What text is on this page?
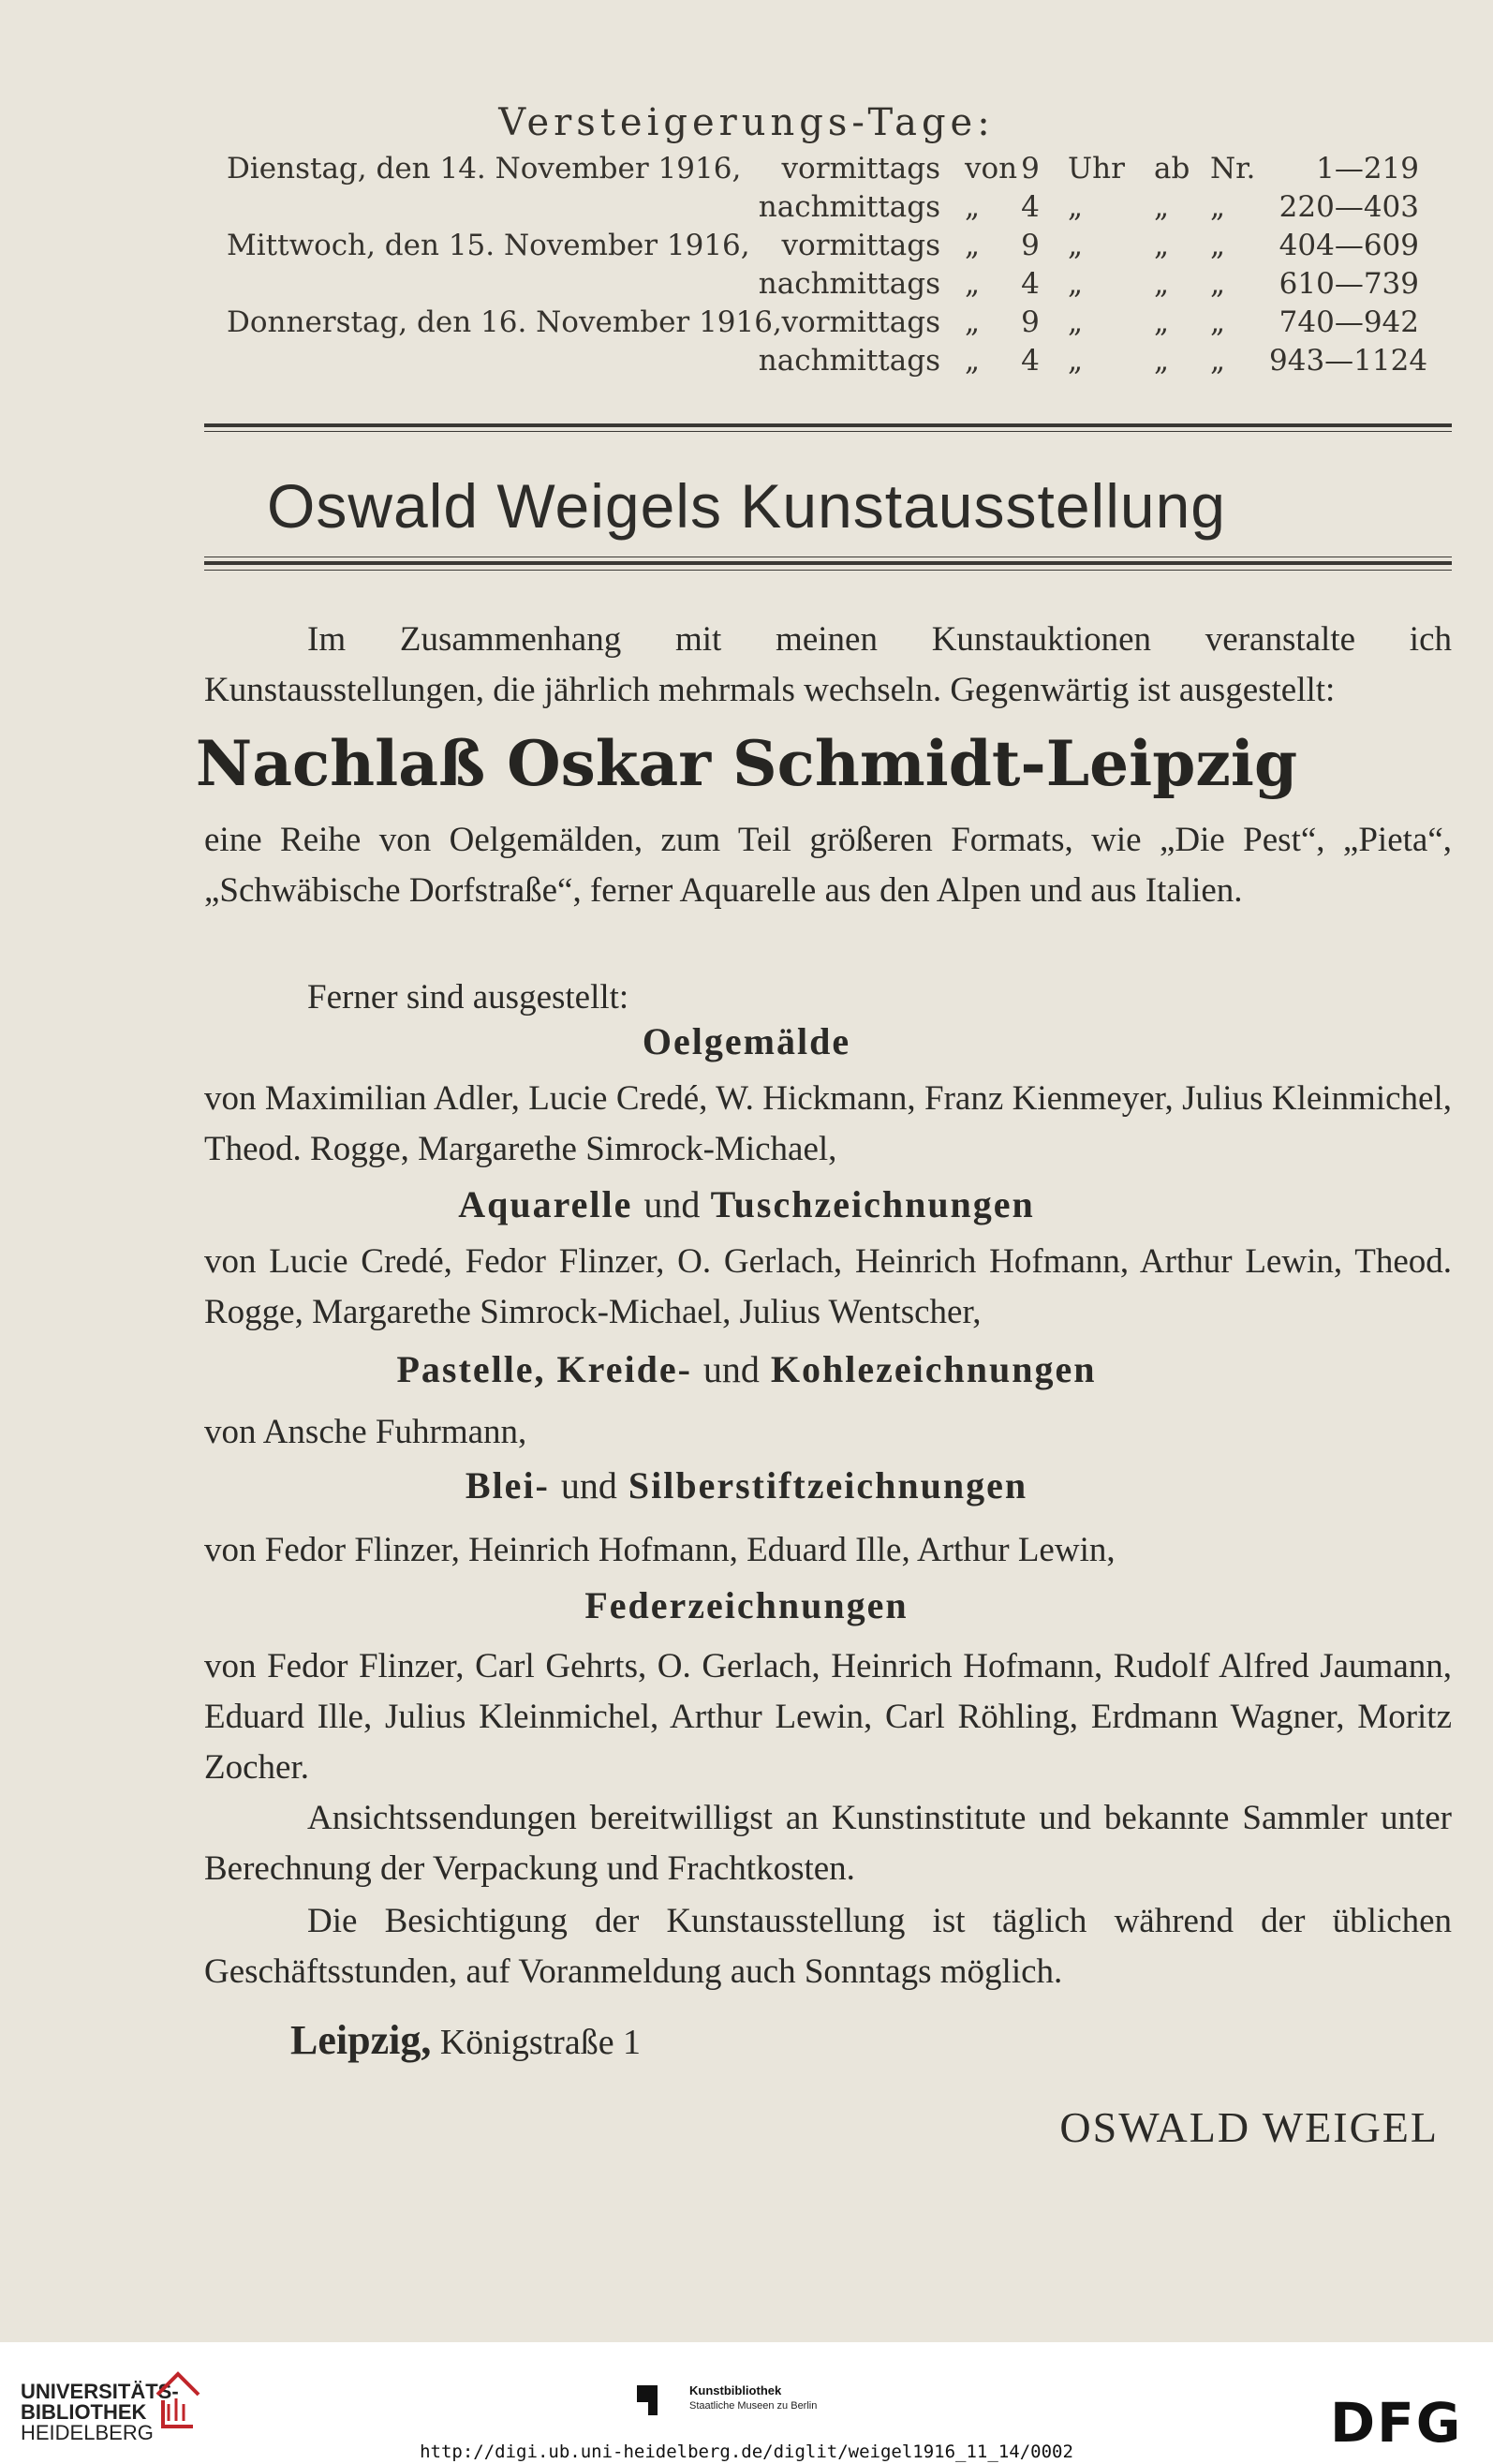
Versteigerungs-Tage:
Dienstag, den 14. November 1916, vormittags von 9 Uhr ab Nr.	1—219
nachmittags „ 4 „ „ „	220—403
Mittwoch, den 15. November 1916, vormittags „ 9 „ „ „	404—609
nachmittags „ 4 „ „ „	610—739
Donnerstag, den 16. November 1916, vormittags „ 9 „ „ „	740—942
nachmittags „ 4 „ „ „ 943—1124
Oswald Weigels Kunstausstellung
Im Zusammenhang mit meinen Kunstauktionen veranstalte ich Kunstausstellungen, die jährlich mehrmals wechseln. Gegenwärtig ist ausgestellt:
Nachlaß Oskar Schmidt-Leipzig
eine Reihe von Oelgemälden, zum Teil größeren Formats, wie „Die Pest“, „Pieta“, „Schwäbische Dorfstraße“, ferner Aquarelle aus den Alpen und aus Italien.
Ferner sind ausgestellt:
Oelgemälde
von Maximilian Adler, Lucie Credé, W. Hickmann, Franz Kienmeyer, Julius Kleinmichel, Theod. Rogge, Margarethe Simrock-Michael,
Aquarelle und Tuschzeichnungen
von Lucie Credé, Fedor Flinzer, O. Gerlach, Heinrich Hofmann, Arthur Lewin, Theod. Rogge, Margarethe Simrock-Michael, Julius Wentscher,
Pastelle, Kreide- und Kohlezeichnungen
von Ansche Fuhrmann,
Blei- und Silberstiftzeichnungen
von Fedor Flinzer, Heinrich Hofmann, Eduard Ille, Arthur Lewin,
Federzeichnungen
von Fedor Flinzer, Carl Gehrts, O. Gerlach, Heinrich Hofmann, Rudolf Alfred Jaumann, Eduard Ille, Julius Kleinmichel, Arthur Lewin, Carl Röhling, Erdmann Wagner, Moritz Zocher.
Ansichtssendungen bereitwilligst an Kunstinstitute und bekannte Sammler unter Berechnung der Verpackung und Frachtkosten.
Die Besichtigung der Kunstausstellung ist täglich während der üblichen Geschäftsstunden, auf Voranmeldung auch Sonntags möglich.
Leipzig, Königstraße 1
OSWALD WEIGEL
UNIVERSITÄTS-
BIBLIOTHEK
HEIDELBERG
Kunstbibliothek
Staatliche Museen zu Berlin	DFG
http://digi.ub.uni-heidelberg.de/diglit/weigel1916_11_14/0002
